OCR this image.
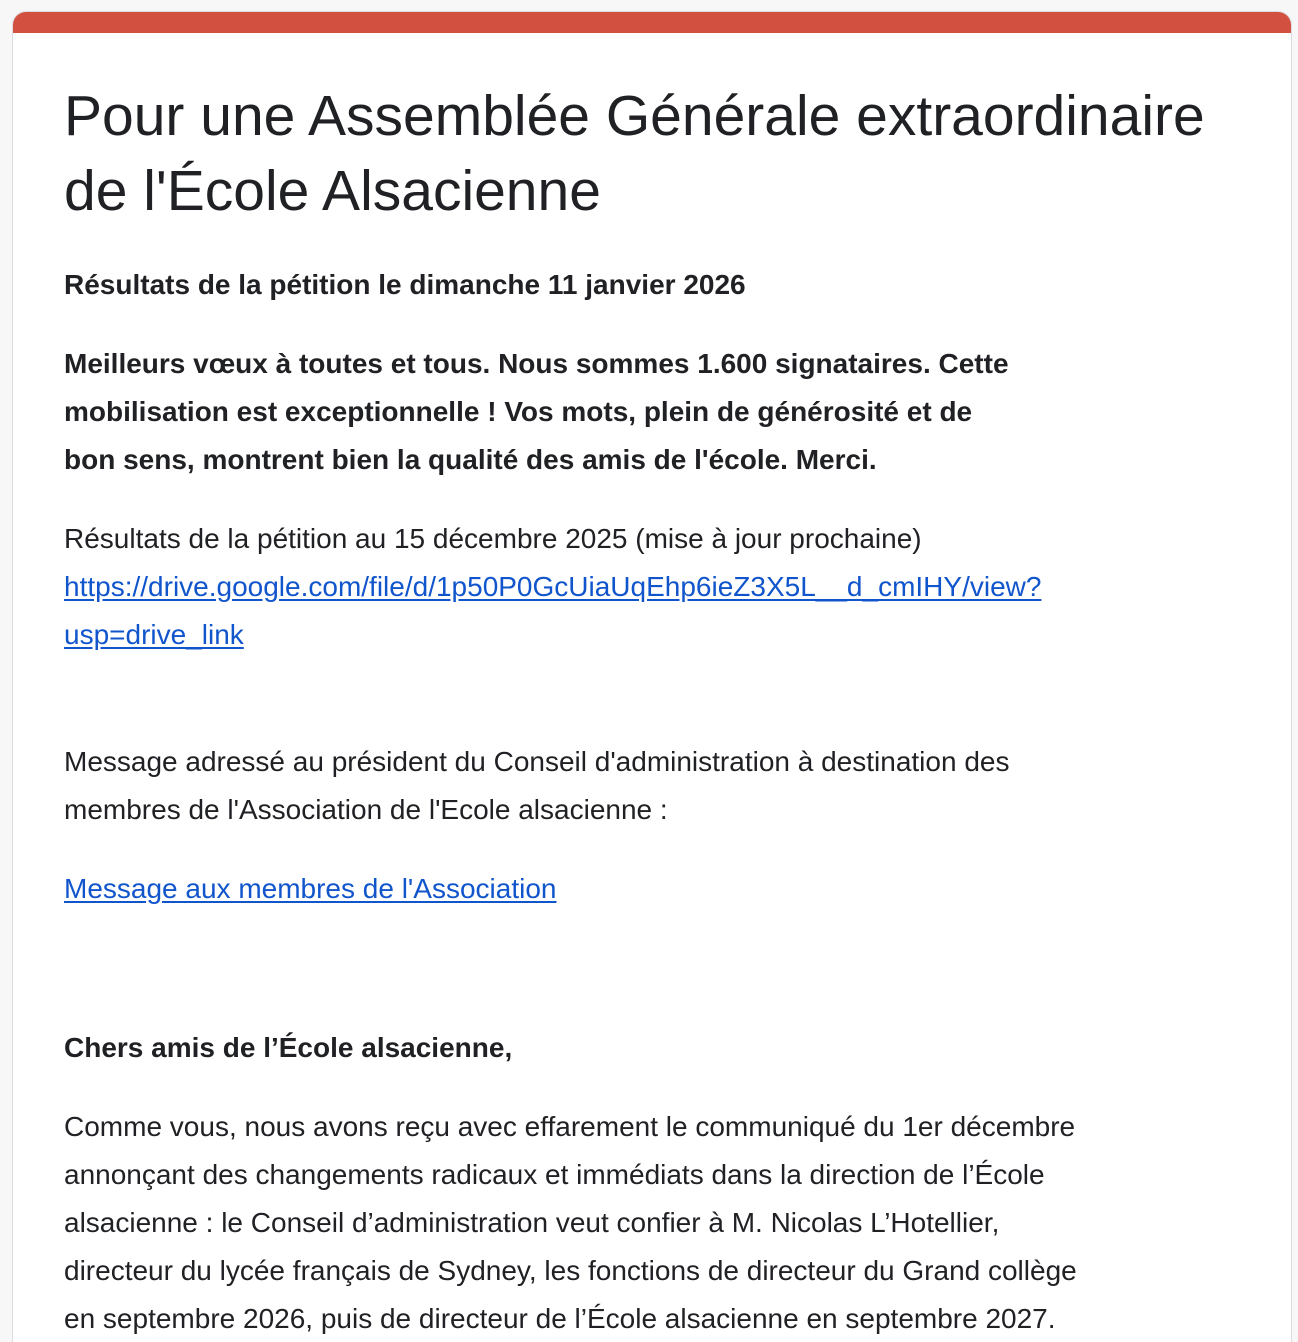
Pour une Assemblée Générale extraordinaire de l'École Alsacienne

Résultats de la pétition le dimanche 11 janvier 2026

Meilleurs vœux à toutes et tous. Nous sommes 1.600 signataires. Cette
mobilisation est exceptionnelle ! Vos mots, plein de générosité et de
bon sens, montrent bien la qualité des amis de l'école. Merci.

Résultats de la pétition au 15 décembre 2025 (mise à jour prochaine)
https://drive.google.com/file/d/1p50P0GcUiaUqEhp6ieZ3X5L__d_cmIHY/view?
usp=drive_link

Message adressé au président du Conseil d'administration à destination des
membres de l'Association de l'Ecole alsacienne :

Message aux membres de l'Association

Chers amis de l’École alsacienne,

Comme vous, nous avons reçu avec effarement le communiqué du 1er décembre
annonçant des changements radicaux et immédiats dans la direction de l’École
alsacienne : le Conseil d’administration veut confier à M. Nicolas L’Hotellier,
directeur du lycée français de Sydney, les fonctions de directeur du Grand collège
en septembre 2026, puis de directeur de l’École alsacienne en septembre 2027.
